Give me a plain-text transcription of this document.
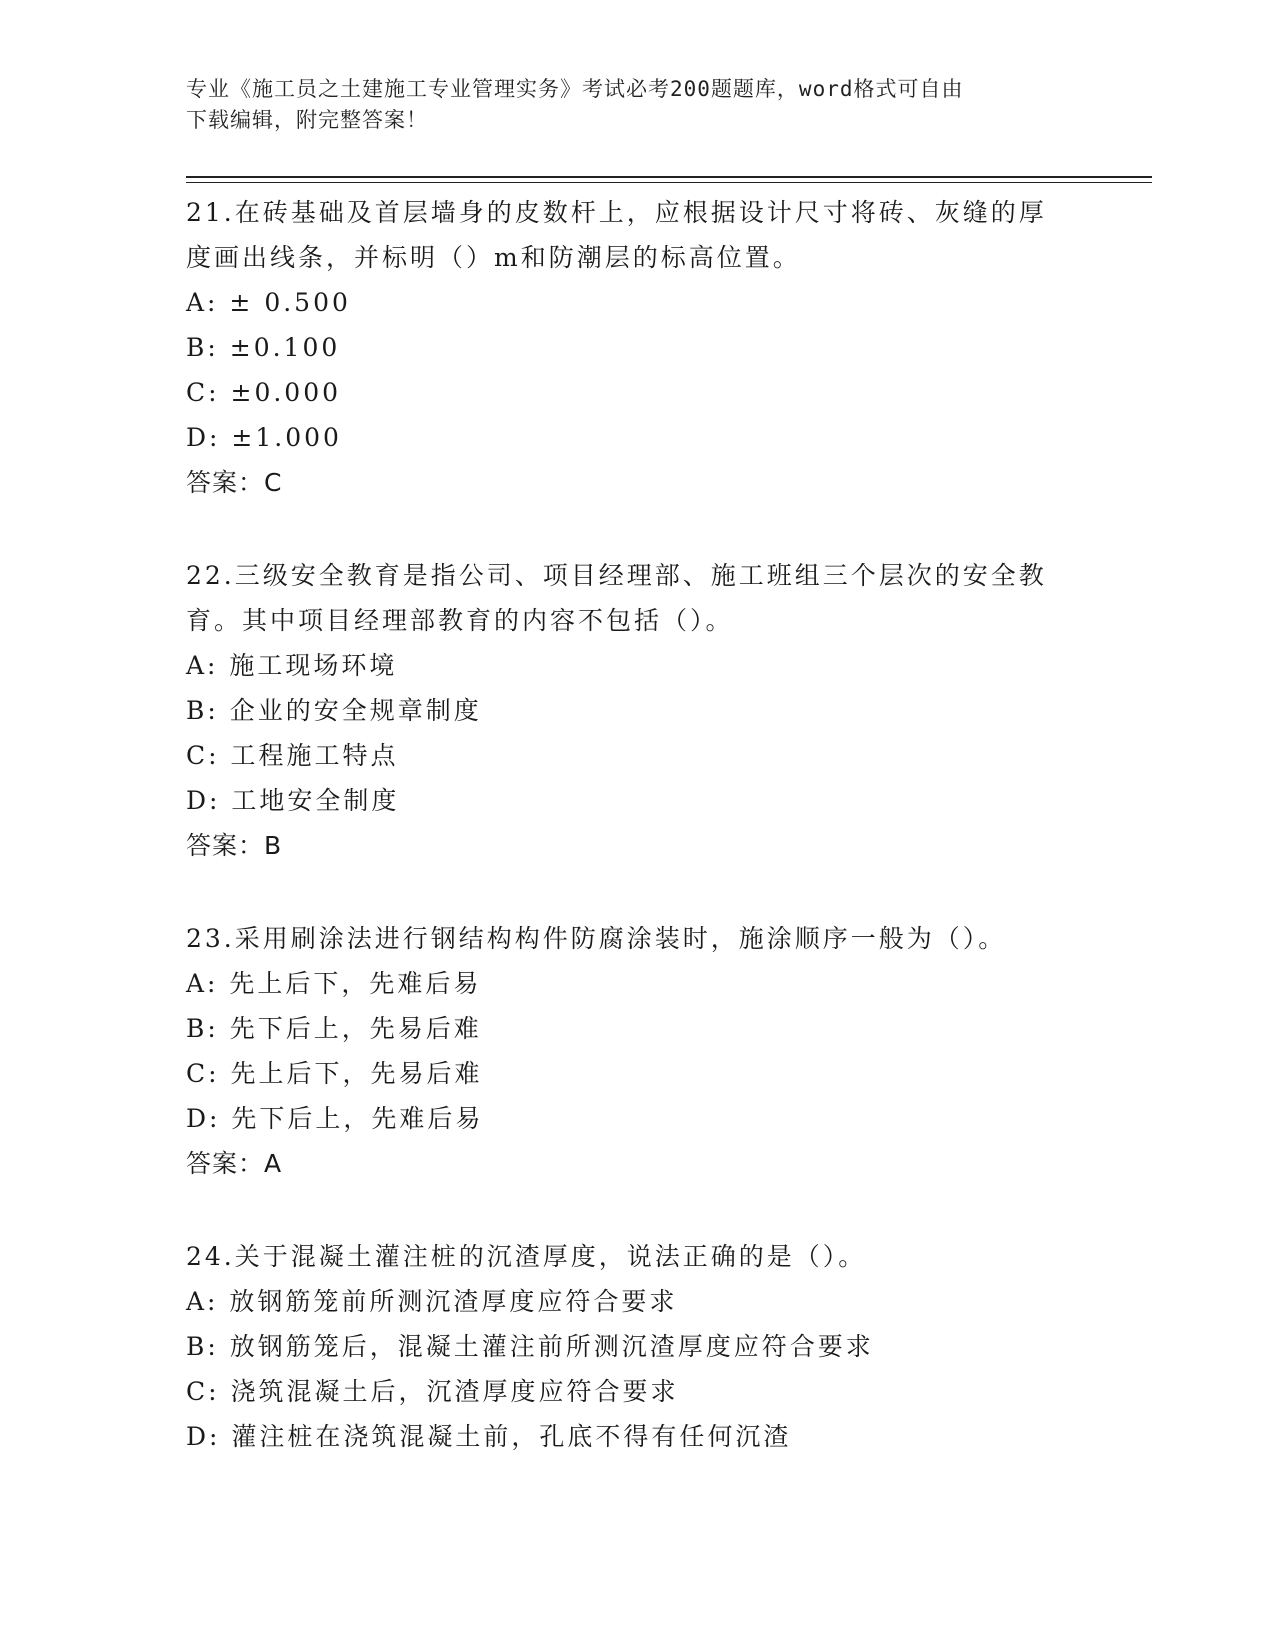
专业《施工员之土建施工专业管理实务》考试必考200题题库，word格式可自由
下载编辑，附完整答案！
21.在砖基础及首层墙身的皮数杆上，应根据设计尺寸将砖、灰缝的厚
度画出线条，并标明（）m和防潮层的标高位置。
A: ± 0.500
B: ±0.100
C: ±0.000
D: ±1.000
答案：C
22.三级安全教育是指公司、项目经理部、施工班组三个层次的安全教
育。其中项目经理部教育的内容不包括（）。
A: 施工现场环境
B: 企业的安全规章制度
C: 工程施工特点
D: 工地安全制度
答案：B
23.采用刷涂法进行钢结构构件防腐涂装时，施涂顺序一般为（）。
A: 先上后下，先难后易
B: 先下后上，先易后难
C: 先上后下，先易后难
D: 先下后上，先难后易
答案：A
24.关于混凝土灌注桩的沉渣厚度，说法正确的是（）。
A: 放钢筋笼前所测沉渣厚度应符合要求
B: 放钢筋笼后，混凝土灌注前所测沉渣厚度应符合要求
C: 浇筑混凝土后，沉渣厚度应符合要求
D: 灌注桩在浇筑混凝土前，孔底不得有任何沉渣
